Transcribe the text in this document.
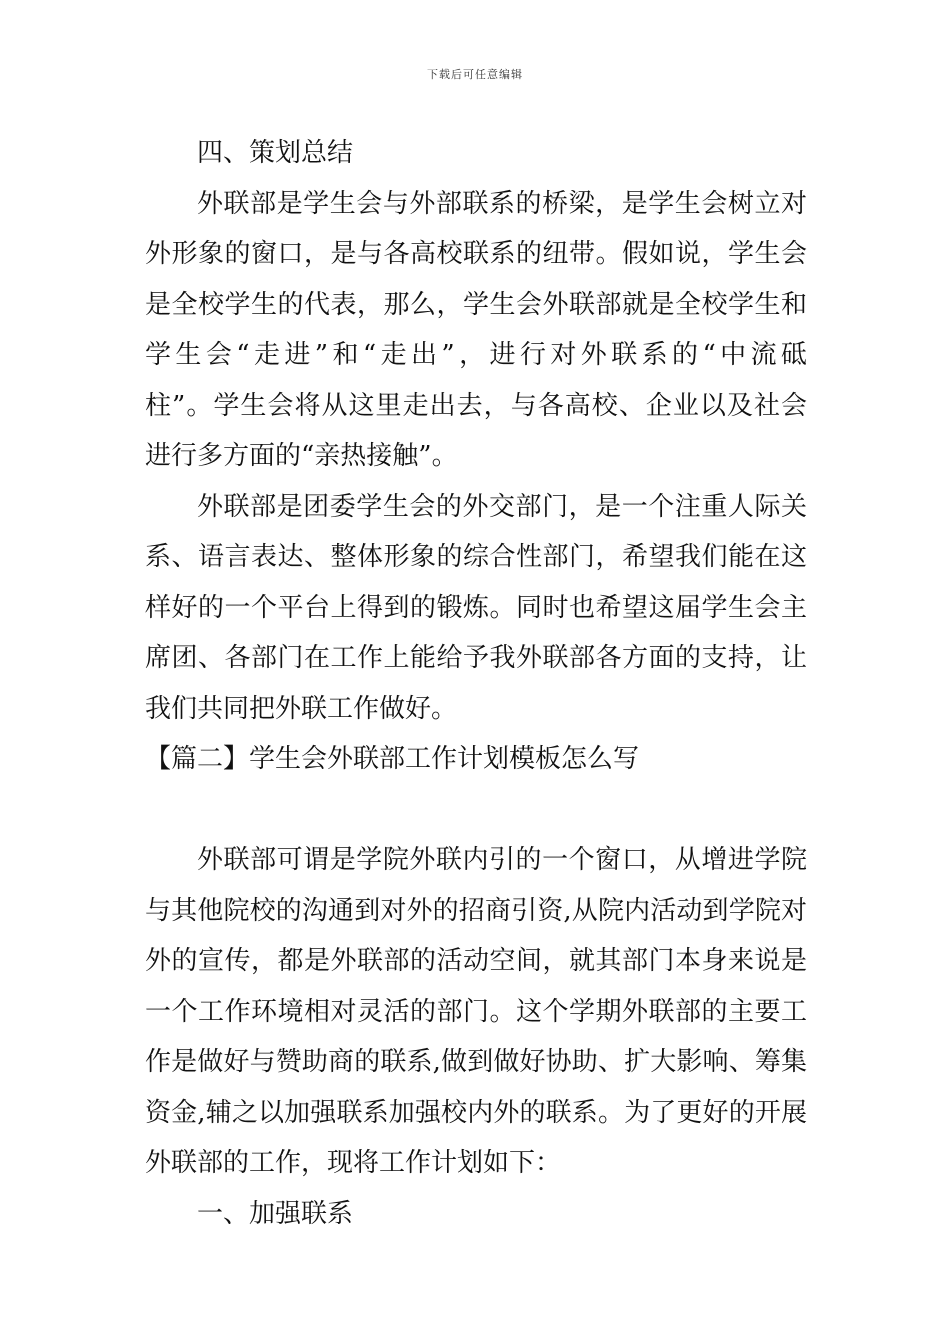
下载后可任意编辑
四、策划总结
外联部是学生会与外部联系的桥梁，是学生会树立对
外形象的窗口，是与各高校联系的纽带。假如说，学生会
是全校学生的代表，那么，学生会外联部就是全校学生和
学生会“走进”和“走出”，进行对外联系的“中流砥
柱”。学生会将从这里走出去，与各高校、企业以及社会
进行多方面的“亲热接触”。
外联部是团委学生会的外交部门，是一个注重人际关
系、语言表达、整体形象的综合性部门，希望我们能在这
样好的一个平台上得到的锻炼。同时也希望这届学生会主
席团、各部门在工作上能给予我外联部各方面的支持，让
我们共同把外联工作做好。
【篇二】学生会外联部工作计划模板怎么写
外联部可谓是学院外联内引的一个窗口，从增进学院
与其他院校的沟通到对外的招商引资,从院内活动到学院对
外的宣传，都是外联部的活动空间，就其部门本身来说是
一个工作环境相对灵活的部门。这个学期外联部的主要工
作是做好与赞助商的联系,做到做好协助、扩大影响、筹集
资金,辅之以加强联系加强校内外的联系。为了更好的开展
外联部的工作，现将工作计划如下：
一、加强联系
